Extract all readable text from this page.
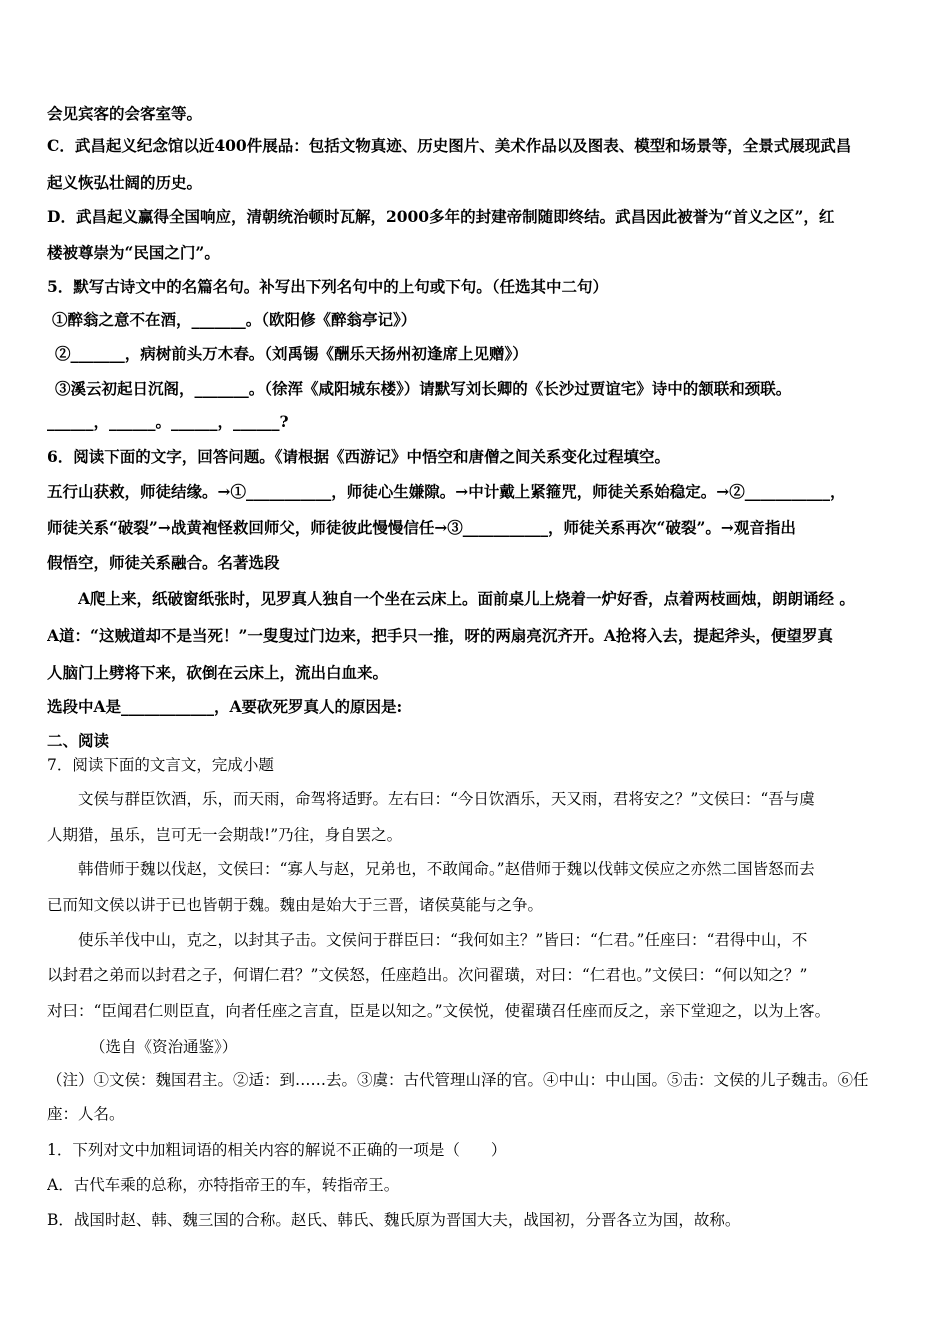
会见宾客的会客室等。
C．武昌起义纪念馆以近400件展品：包括文物真迹、历史图片、美术作品以及图表、模型和场景等，全景式展现武昌
起义恢弘壮阔的历史。
D．武昌起义赢得全国响应，清朝统治顿时瓦解，2000多年的封建帝制随即终结。武昌因此被誉为“首义之区”，红
楼被尊崇为“民国之门”。
5．默写古诗文中的名篇名句。补写出下列名句中的上句或下句。（任选其中二句）
①醉翁之意不在酒，_______。（欧阳修《醉翁亭记》）
②_______，病树前头万木春。（刘禹锡《酬乐天扬州初逢席上见赠》）
③溪云初起日沉阁，_______。（徐浑《咸阳城东楼》）请默写刘长卿的《长沙过贾谊宅》诗中的颔联和颈联。
______，______。______，______?
6．阅读下面的文字，回答问题。《请根据《西游记》中悟空和唐僧之间关系变化过程填空。
五行山获救，师徒结缘。→①___________，师徒心生嫌隙。→中计戴上紧箍咒，师徒关系始稳定。→②___________，
师徒关系“破裂”→战黄袍怪救回师父，师徒彼此慢慢信任→③___________，师徒关系再次“破裂”。→观音指出
假悟空，师徒关系融合。名著选段
A爬上来，纸破窗纸张时，见罗真人独自一个坐在云床上。面前桌儿上烧着一炉好香，点着两枝画烛，朗朗诵经 。
A道：“这贼道却不是当死！”一叟叟过门边来，把手只一推，呀的两扇亮沉齐开。A抢将入去，提起斧头，便望罗真
人脑门上劈将下来，砍倒在云床上，流出白血来。
选段中A是____________，A要砍死罗真人的原因是:
二、阅读
7．阅读下面的文言文，完成小题
文侯与群臣饮酒，乐，而天雨，命驾将适野。左右曰：“今日饮酒乐，天又雨，君将安之？”文侯曰：“吾与虞
人期猎，虽乐，岂可无一会期哉!”乃往，身自罢之。
韩借师于魏以伐赵，文侯曰：“寡人与赵，兄弟也，不敢闻命。”赵借师于魏以伐韩文侯应之亦然二国皆怒而去
已而知文侯以讲于已也皆朝于魏。魏由是始大于三晋，诸侯莫能与之争。
使乐羊伐中山，克之，以封其子击。文侯问于群臣曰：“我何如主？”皆曰：“仁君。”任座曰：“君得中山，不
以封君之弟而以封君之子，何谓仁君？”文侯怒，任座趋出。次问翟璜，对曰：“仁君也。”文侯曰：“何以知之？”
对曰：“臣闻君仁则臣直，向者任座之言直，臣是以知之。”文侯悦，使翟璜召任座而反之，亲下堂迎之，以为上客。
（选自《资治通鉴》）
（注）①文侯：魏国君主。②适：到……去。③虞：古代管理山泽的官。④中山：中山国。⑤击：文侯的儿子魏击。⑥任
座：人名。
1．下列对文中加粗词语的相关内容的解说不正确的一项是（　　）
A．古代车乘的总称，亦特指帝王的车，转指帝王。
B．战国时赵、韩、魏三国的合称。赵氏、韩氏、魏氏原为晋国大夫，战国初，分晋各立为国，故称。
